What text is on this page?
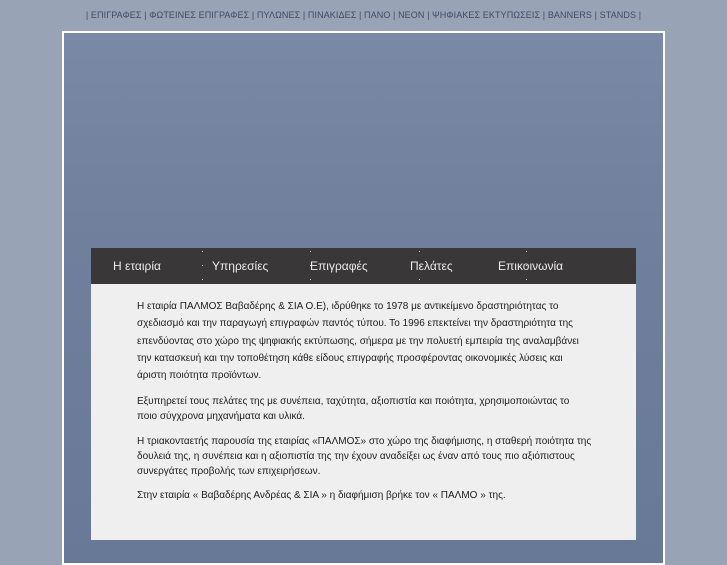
| ΕΠΙΓΡΑΦΕΣ | ΦΩΤΕΙΝΕΣ ΕΠΙΓΡΑΦΕΣ | ΠΥΛΩΝΕΣ | ΠΙΝΑΚΙΔΕΣ | ΠΑΝΟ | NEON | ΨΗΦΙΑΚΕΣ ΕΚΤΥΠΩΣΕΙΣ | BANNERS | STANDS |
Η εταιρία	Υπηρεσίες	Επιγραφές	Πελάτες	Επικοινωνία

Η εταιρία ΠΑΛΜΟΣ Βαβαδέρης & ΣΙΑ Ο.Ε), ιδρύθηκε το 1978 με αντικείμενο δραστηριότητας το σχεδιασμό και την παραγωγή επιγραφών παντός τύπου. Το 1996 επεκτείνει την δραστηριότητα της επενδύοντας στο χώρο της ψηφιακής εκτύπωσης, σήμερα με την πολυετή εμπειρία της αναλαμβάνει την κατασκευή και την τοποθέτηση κάθε είδους επιγραφής προσφέροντας οικονομικές λύσεις και άριστη ποιότητα προϊόντων.

Εξυπηρετεί τους πελάτες της με συνέπεια, ταχύτητα, αξιοπιστία και ποιότητα, χρησιμοποιώντας το ποιο σύγχρονα μηχανήματα και υλικά.

Η τριακονταετής παρουσία της εταιρίας «ΠΑΛΜΟΣ» στο χώρο της διαφήμισης, η σταθερή ποιότητα της δουλειά της, η συνέπεια και η αξιοπιστία της την έχουν αναδείξει ως έναν από τους πιο αξιόπιστους συνεργάτες προβολής των επιχειρήσεων.

Στην εταιρία « Βαβαδέρης Ανδρέας & ΣΙΑ » η διαφήμιση βρήκε τον « ΠΑΛΜΟ » της.
